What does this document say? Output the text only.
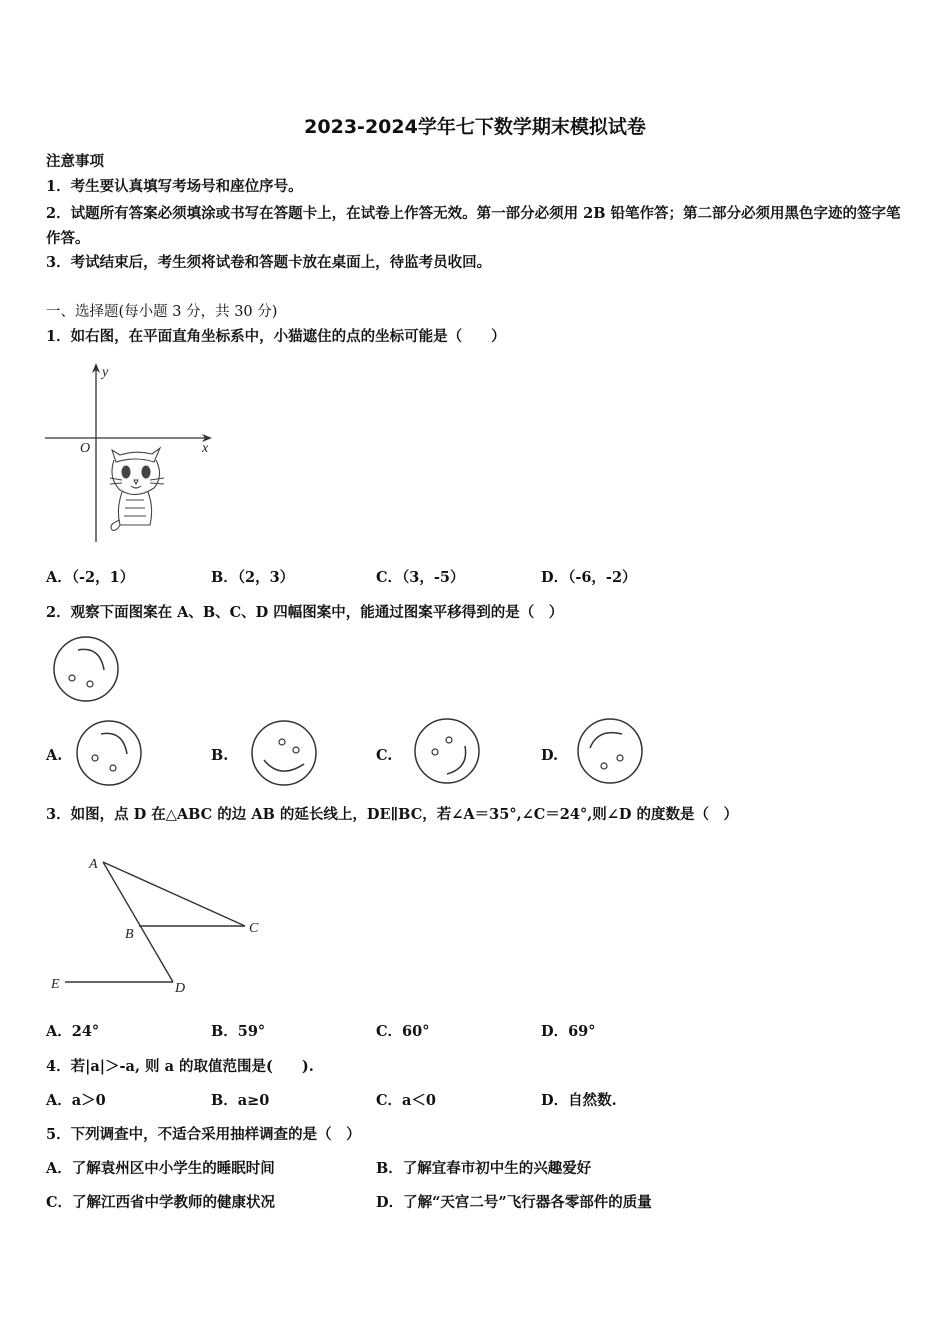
2023-2024学年七下数学期末模拟试卷
注意事项
1．考生要认真填写考场号和座位序号。
2．试题所有答案必须填涂或书写在答题卡上，在试卷上作答无效。第一部分必须用 2B 铅笔作答；第二部分必须用黑色字迹的签字笔作答。
3．考试结束后，考生须将试卷和答题卡放在桌面上，待监考员收回。
一、选择题(每小题 3 分，共 30 分)
1．如右图，在平面直角坐标系中，小猫遮住的点的坐标可能是（　　）
y
x
O
A．（-2，1）	B．（2，3）	C．（3，-5）	D．（-6，-2）
2．观察下面图案在 A、B、C、D 四幅图案中，能通过图案平移得到的是（　）
A.	B.	C.	D.
3．如图，点 D 在△ABC 的边 AB 的延长线上，DE∥BC，若∠A＝35°,∠C＝24°,则∠D 的度数是（　）
A
B	C
D
E
A．24°	B．59°	C．60°	D．69°
4．若|a|＞-a, 则 a 的取值范围是(　　).
A．a＞0	B．a≥0	C．a＜0	D．自然数.
5．下列调查中，不适合采用抽样调查的是（　）
A．了解袁州区中小学生的睡眠时间	B．了解宜春市初中生的兴趣爱好
C．了解江西省中学教师的健康状况	D．了解“天宫二号”飞行器各零部件的质量
